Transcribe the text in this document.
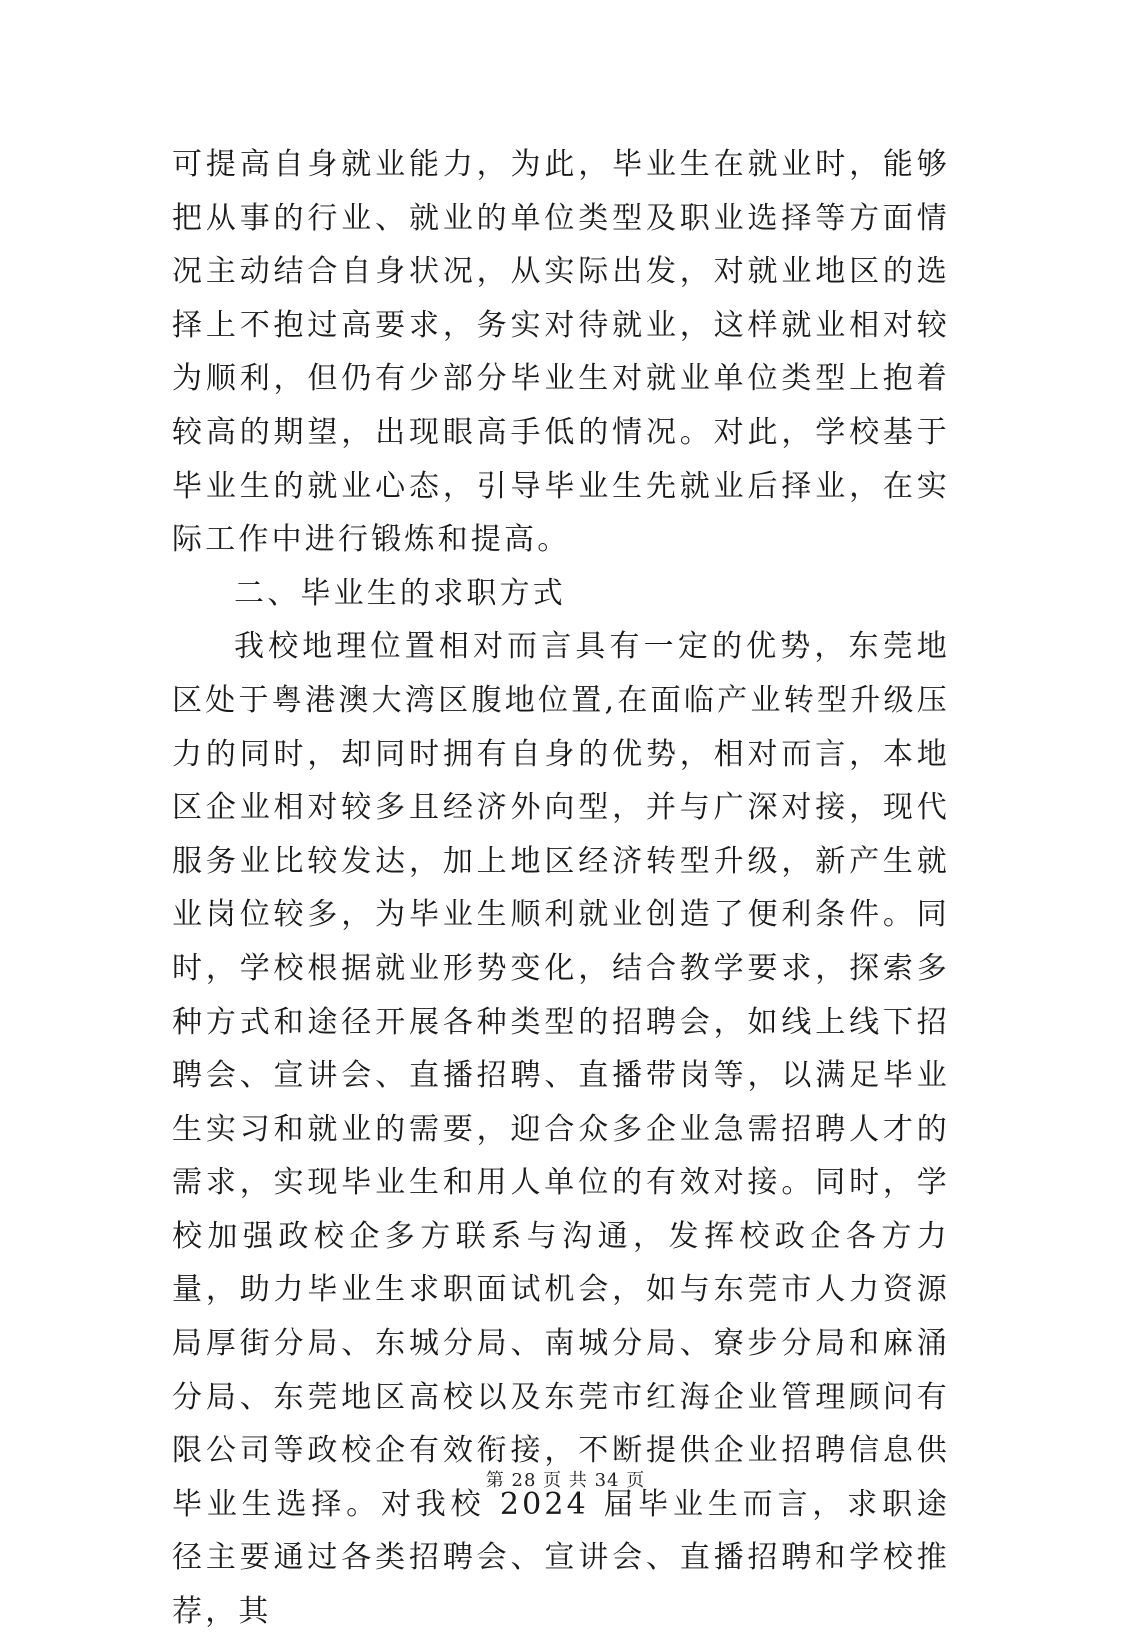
可提高自身就业能力，为此，毕业生在就业时，能够把从事的行业、就业的单位类型及职业选择等方面情况主动结合自身状况，从实际出发，对就业地区的选择上不抱过高要求，务实对待就业，这样就业相对较为顺利，但仍有少部分毕业生对就业单位类型上抱着较高的期望，出现眼高手低的情况。对此，学校基于毕业生的就业心态，引导毕业生先就业后择业，在实际工作中进行锻炼和提高。

二、毕业生的求职方式

我校地理位置相对而言具有一定的优势，东莞地区处于粤港澳大湾区腹地位置,在面临产业转型升级压力的同时，却同时拥有自身的优势，相对而言，本地区企业相对较多且经济外向型，并与广深对接，现代服务业比较发达，加上地区经济转型升级，新产生就业岗位较多，为毕业生顺利就业创造了便利条件。同时，学校根据就业形势变化，结合教学要求，探索多种方式和途径开展各种类型的招聘会，如线上线下招聘会、宣讲会、直播招聘、直播带岗等，以满足毕业生实习和就业的需要，迎合众多企业急需招聘人才的需求，实现毕业生和用人单位的有效对接。同时，学校加强政校企多方联系与沟通，发挥校政企各方力量，助力毕业生求职面试机会，如与东莞市人力资源局厚街分局、东城分局、南城分局、寮步分局和麻涌分局、东莞地区高校以及东莞市红海企业管理顾问有限公司等政校企有效衔接，不断提供企业招聘信息供毕业生选择。对我校 2024 届毕业生而言，求职途径主要通过各类招聘会、宣讲会、直播招聘和学校推荐，其

第 28 页 共 34 页
